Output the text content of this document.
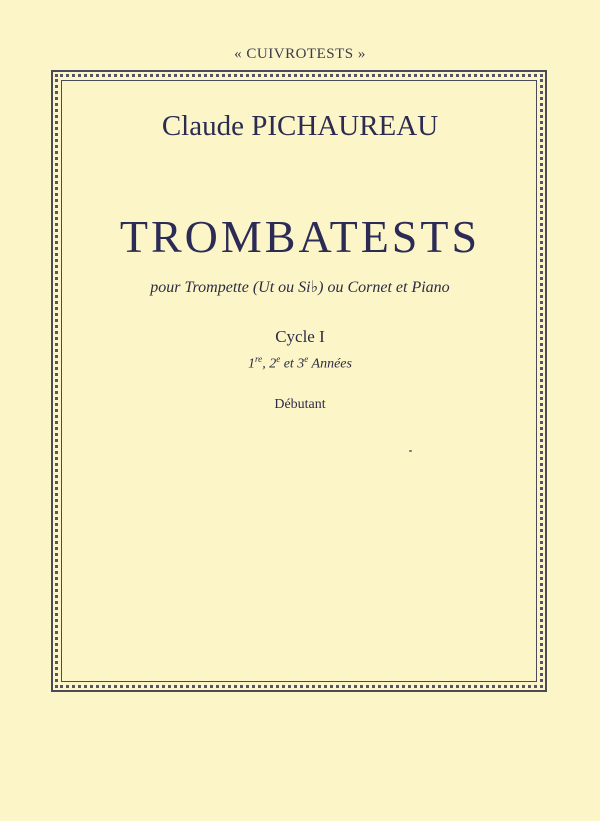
« CUIVROTESTS »
Claude PICHAUREAU
TROMBATESTS
pour Trompette (Ut ou Si♭) ou Cornet et Piano
Cycle I
1re, 2e et 3e Années
Débutant
